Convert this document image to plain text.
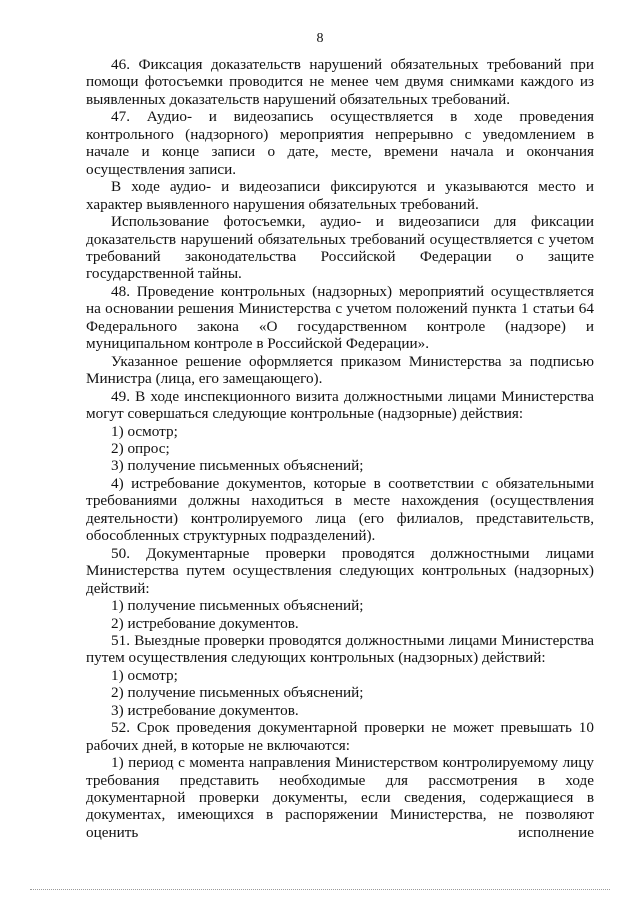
8

46. Фиксация доказательств нарушений обязательных требований при помощи фотосъемки проводится не менее чем двумя снимками каждого из выявленных доказательств нарушений обязательных требований.

47. Аудио- и видеозапись осуществляется в ходе проведения контрольного (надзорного) мероприятия непрерывно с уведомлением в начале и конце записи о дате, месте, времени начала и окончания осуществления записи.

В ходе аудио- и видеозаписи фиксируются и указываются место и характер выявленного нарушения обязательных требований.

Использование фотосъемки, аудио- и видеозаписи для фиксации доказательств нарушений обязательных требований осуществляется с учетом требований законодательства Российской Федерации о защите государственной тайны.

48. Проведение контрольных (надзорных) мероприятий осуществляется на основании решения Министерства с учетом положений пункта 1 статьи 64 Федерального закона «О государственном контроле (надзоре) и муниципальном контроле в Российской Федерации».

Указанное решение оформляется приказом Министерства за подписью Министра (лица, его замещающего).

49. В ходе инспекционного визита должностными лицами Министерства могут совершаться следующие контрольные (надзорные) действия:

1) осмотр;

2) опрос;

3) получение письменных объяснений;

4) истребование документов, которые в соответствии с обязательными требованиями должны находиться в месте нахождения (осуществления деятельности) контролируемого лица (его филиалов, представительств, обособленных структурных подразделений).

50. Документарные проверки проводятся должностными лицами Министерства путем осуществления следующих контрольных (надзорных) действий:

1) получение письменных объяснений;

2) истребование документов.

51. Выездные проверки проводятся должностными лицами Министерства путем осуществления следующих контрольных (надзорных) действий:

1) осмотр;

2) получение письменных объяснений;

3) истребование документов.

52. Срок проведения документарной проверки не может превышать 10 рабочих дней, в которые не включаются:

1) период с момента направления Министерством контролируемому лицу требования представить необходимые для рассмотрения в ходе документарной проверки документы, если сведения, содержащиеся в документах, имеющихся в распоряжении Министерства, не позволяют оценить исполнение
